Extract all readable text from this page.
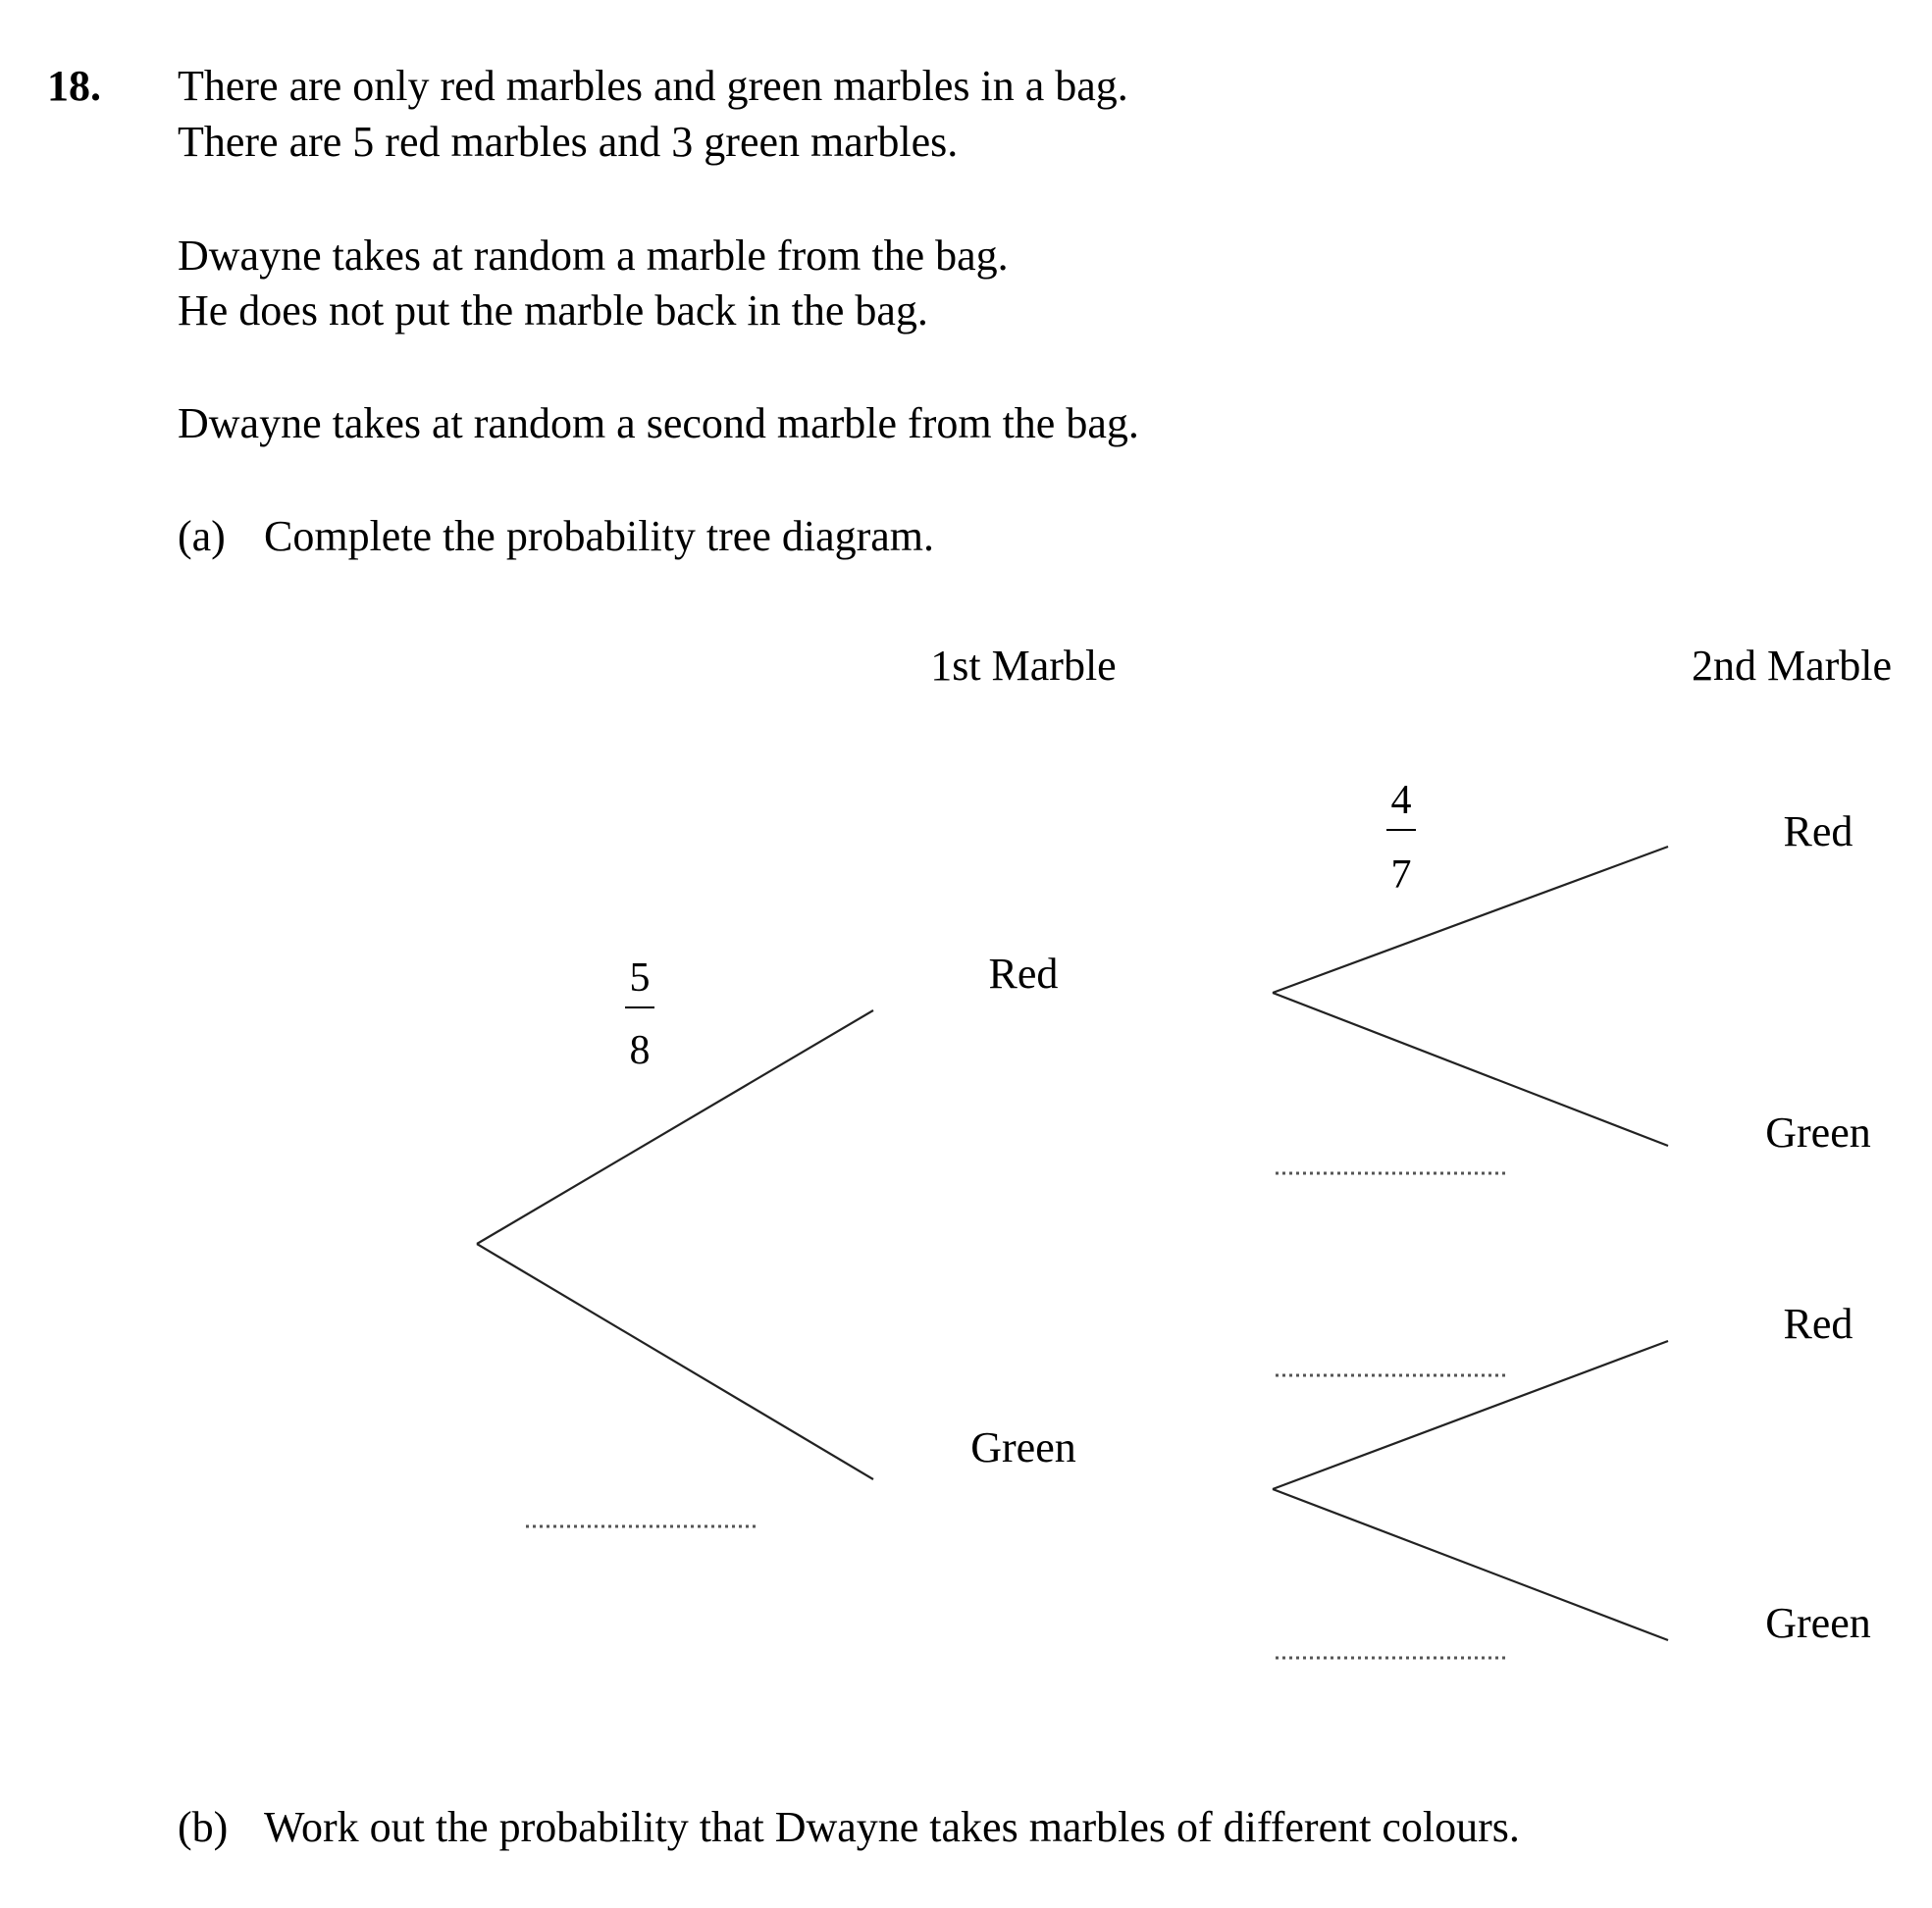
18. There are only red marbles and green marbles in a bag.
There are 5 red marbles and 3 green marbles.
Dwayne takes at random a marble from the bag.
He does not put the marble back in the bag.
Dwayne takes at random a second marble from the bag.
(a) Complete the probability tree diagram.
1st Marble	2nd Marble
Red
Green
Red
Green
Red
Green
5
8
4
7
(b) Work out the probability that Dwayne takes marbles of different colours.
